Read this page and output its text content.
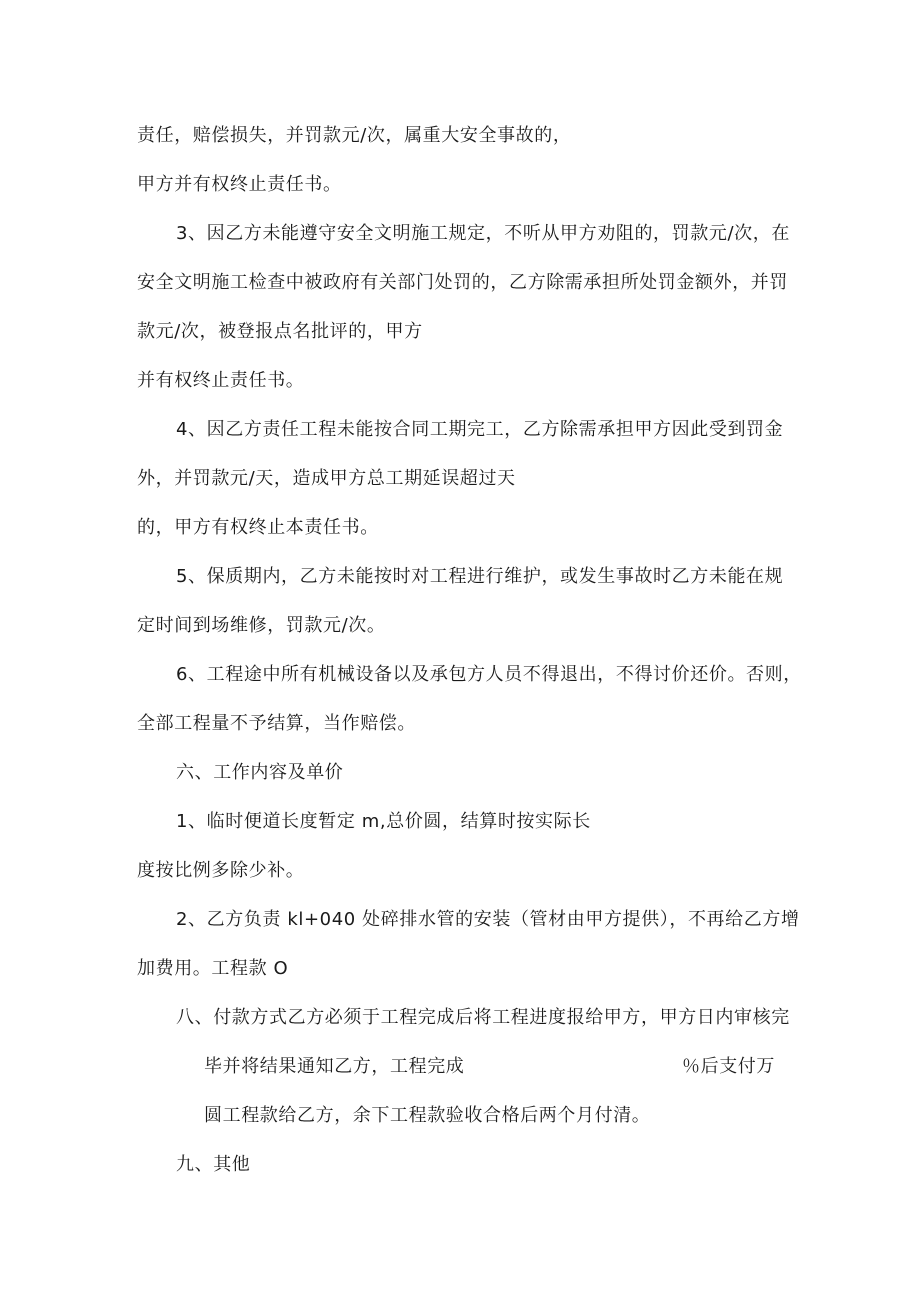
责任，赔偿损失，并罚款元/次，属重大安全事故的，
甲方并有权终止责任书。
3、因乙方未能遵守安全文明施工规定，不听从甲方劝阻的，罚款元/次，在
安全文明施工检查中被政府有关部门处罚的，乙方除需承担所处罚金额外，并罚
款元/次，被登报点名批评的，甲方
并有权终止责任书。
4、因乙方责任工程未能按合同工期完工，乙方除需承担甲方因此受到罚金
外，并罚款元/天，造成甲方总工期延误超过天
的，甲方有权终止本责任书。
5、保质期内，乙方未能按时对工程进行维护，或发生事故时乙方未能在规
定时间到场维修，罚款元/次。
6、工程途中所有机械设备以及承包方人员不得退出，不得讨价还价。否则，
全部工程量不予结算，当作赔偿。
六、工作内容及单价
1、临时便道长度暂定 m,总价圆，结算时按实际长
度按比例多除少补。
2、乙方负责 kl+040 处碎排水管的安装（管材由甲方提供），不再给乙方增
加费用。工程款 O
八、付款方式乙方必须于工程完成后将工程进度报给甲方，甲方日内审核完
毕并将结果通知乙方，工程完成	％后支付万
圆工程款给乙方，余下工程款验收合格后两个月付清。
九、其他
